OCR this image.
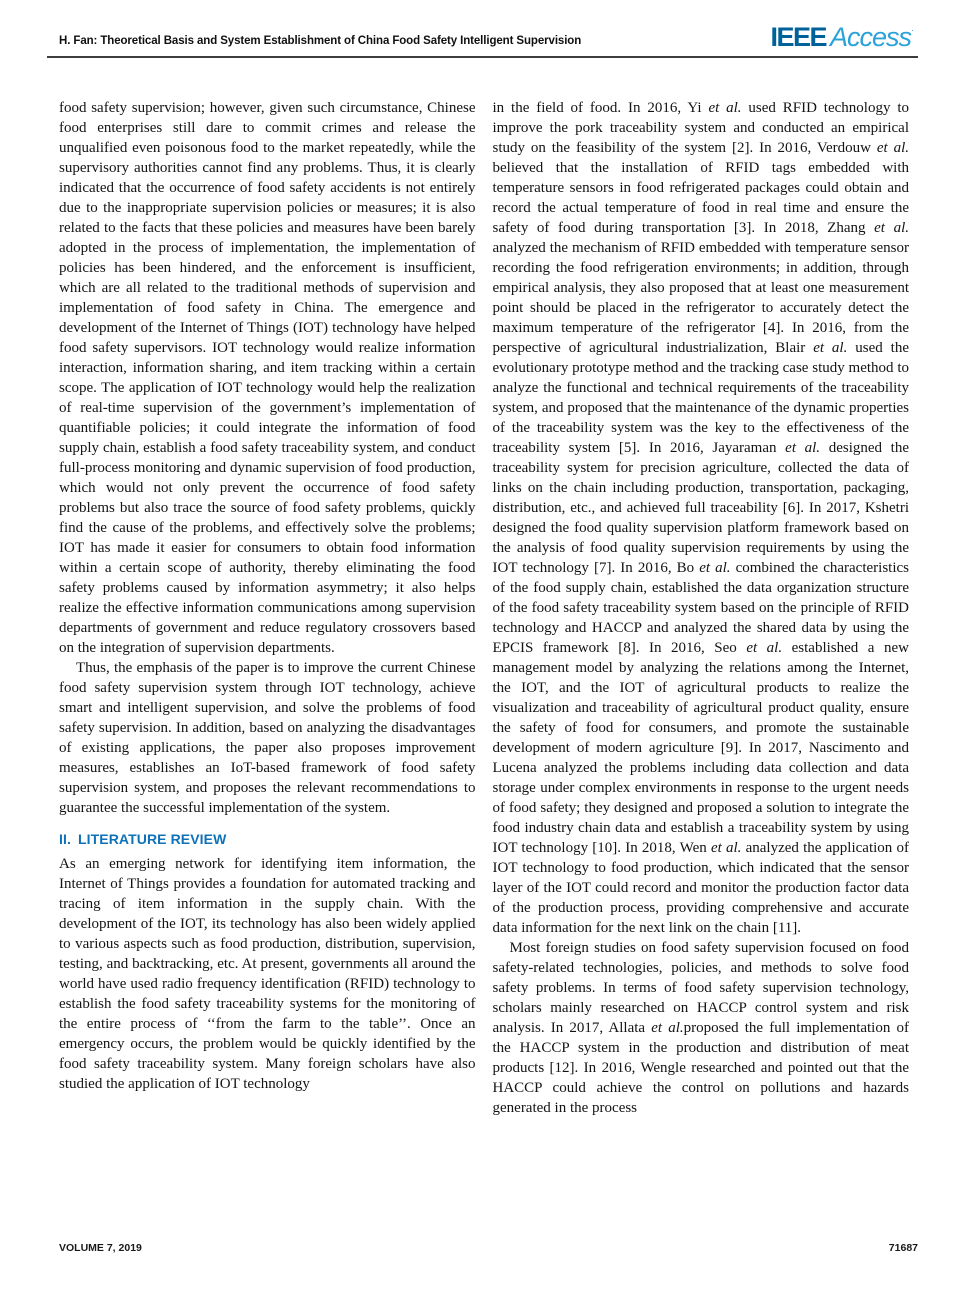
H. Fan: Theoretical Basis and System Establishment of China Food Safety Intelligent Supervision	IEEE Access·

food safety supervision; however, given such circumstance, Chinese food enterprises still dare to commit crimes and release the unqualified even poisonous food to the market repeatedly, while the supervisory authorities cannot find any problems. Thus, it is clearly indicated that the occurrence of food safety accidents is not entirely due to the inappropriate supervision policies or measures; it is also related to the facts that these policies and measures have been barely adopted in the process of implementation, the implementation of policies has been hindered, and the enforcement is insufficient, which are all related to the traditional methods of supervision and implementation of food safety in China. The emergence and development of the Internet of Things (IOT) technology have helped food safety supervisors. IOT technology would realize information interaction, information sharing, and item tracking within a certain scope. The application of IOT technology would help the realization of real-time supervision of the government’s implementation of quantifiable policies; it could integrate the information of food supply chain, establish a food safety traceability system, and conduct full-process monitoring and dynamic supervision of food production, which would not only prevent the occurrence of food safety problems but also trace the source of food safety problems, quickly find the cause of the problems, and effectively solve the problems; IOT has made it easier for consumers to obtain food information within a certain scope of authority, thereby eliminating the food safety problems caused by information asymmetry; it also helps realize the effective information communications among supervision departments of government and reduce regulatory crossovers based on the integration of supervision departments.

Thus, the emphasis of the paper is to improve the current Chinese food safety supervision system through IOT technology, achieve smart and intelligent supervision, and solve the problems of food safety supervision. In addition, based on analyzing the disadvantages of existing applications, the paper also proposes improvement measures, establishes an IoT-based framework of food safety supervision system, and proposes the relevant recommendations to guarantee the successful implementation of the system.

II. LITERATURE REVIEW

As an emerging network for identifying item information, the Internet of Things provides a foundation for automated tracking and tracing of item information in the supply chain. With the development of the IOT, its technology has also been widely applied to various aspects such as food production, distribution, supervision, testing, and backtracking, etc. At present, governments all around the world have used radio frequency identification (RFID) technology to establish the food safety traceability systems for the monitoring of the entire process of ‘‘from the farm to the table’’. Once an emergency occurs, the problem would be quickly identified by the food safety traceability system. Many foreign scholars have also studied the application of IOT technology

in the field of food. In 2016, Yi et al. used RFID technology to improve the pork traceability system and conducted an empirical study on the feasibility of the system [2]. In 2016, Verdouw et al. believed that the installation of RFID tags embedded with temperature sensors in food refrigerated packages could obtain and record the actual temperature of food in real time and ensure the safety of food during transportation [3]. In 2018, Zhang et al. analyzed the mechanism of RFID embedded with temperature sensor recording the food refrigeration environments; in addition, through empirical analysis, they also proposed that at least one measurement point should be placed in the refrigerator to accurately detect the maximum temperature of the refrigerator [4]. In 2016, from the perspective of agricultural industrialization, Blair et al. used the evolutionary prototype method and the tracking case study method to analyze the functional and technical requirements of the traceability system, and proposed that the maintenance of the dynamic properties of the traceability system was the key to the effectiveness of the traceability system [5]. In 2016, Jayaraman et al. designed the traceability system for precision agriculture, collected the data of links on the chain including production, transportation, packaging, distribution, etc., and achieved full traceability [6]. In 2017, Kshetri designed the food quality supervision platform framework based on the analysis of food quality supervision requirements by using the IOT technology [7]. In 2016, Bo et al. combined the characteristics of the food supply chain, established the data organization structure of the food safety traceability system based on the principle of RFID technology and HACCP and analyzed the shared data by using the EPCIS framework [8]. In 2016, Seo et al. established a new management model by analyzing the relations among the Internet, the IOT, and the IOT of agricultural products to realize the visualization and traceability of agricultural product quality, ensure the safety of food for consumers, and promote the sustainable development of modern agriculture [9]. In 2017, Nascimento and Lucena analyzed the problems including data collection and data storage under complex environments in response to the urgent needs of food safety; they designed and proposed a solution to integrate the food industry chain data and establish a traceability system by using IOT technology [10]. In 2018, Wen et al. analyzed the application of IOT technology to food production, which indicated that the sensor layer of the IOT could record and monitor the production factor data of the production process, providing comprehensive and accurate data information for the next link on the chain [11].

Most foreign studies on food safety supervision focused on food safety-related technologies, policies, and methods to solve food safety problems. In terms of food safety supervision technology, scholars mainly researched on HACCP control system and risk analysis. In 2017, Allata et al.proposed the full implementation of the HACCP system in the production and distribution of meat products [12]. In 2016, Wengle researched and pointed out that the HACCP could achieve the control on pollutions and hazards generated in the process

VOLUME 7, 2019	71687
